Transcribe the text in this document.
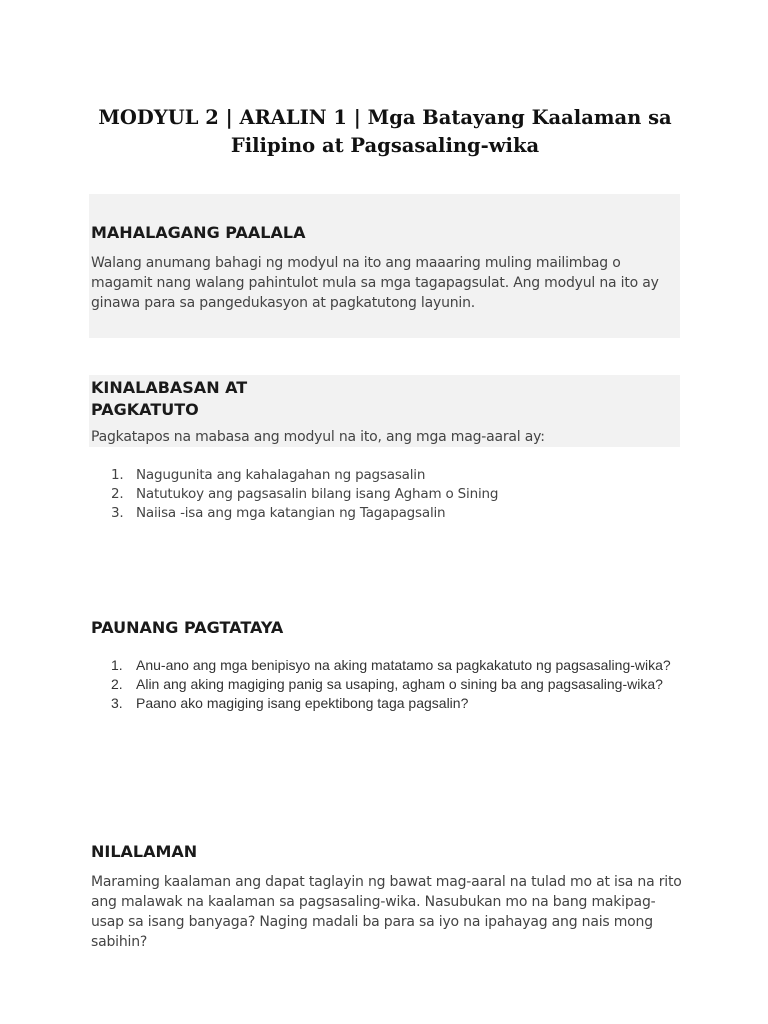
MODYUL 2 | ARALIN 1 | Mga Batayang Kaalaman sa Filipino at Pagsasaling-wika
MAHALAGANG PAALALA

Walang anumang bahagi ng modyul na ito ang maaaring muling mailimbag o magamit nang walang pahintulot mula sa mga tagapagsulat. Ang modyul na ito ay ginawa para sa pangedukasyon at pagkatutong layunin.

KINALABASAN AT
PAGKATUTO

Pagkatapos na mabasa ang modyul na ito, ang mga mag-aaral ay:

1. Nagugunita ang kahalagahan ng pagsasalin
2. Natutukoy ang pagsasalin bilang isang Agham o Sining
3. Naiisa -isa ang mga katangian ng Tagapagsalin
PAUNANG PAGTATAYA
1. Anu-ano ang mga benipisyo na aking matatamo sa pagkakatuto ng pagsasaling-wika?
2. Alin ang aking magiging panig sa usaping, agham o sining ba ang pagsasaling-wika?
3. Paano ako magiging isang epektibong taga pagsalin?
NILALAMAN

Maraming kaalaman ang dapat taglayin ng bawat mag-aaral na tulad mo at isa na rito ang malawak na kaalaman sa pagsasaling-wika. Nasubukan mo na bang makipag-usap sa isang banyaga? Naging madali ba para sa iyo na ipahayag ang nais mong sabihin?
